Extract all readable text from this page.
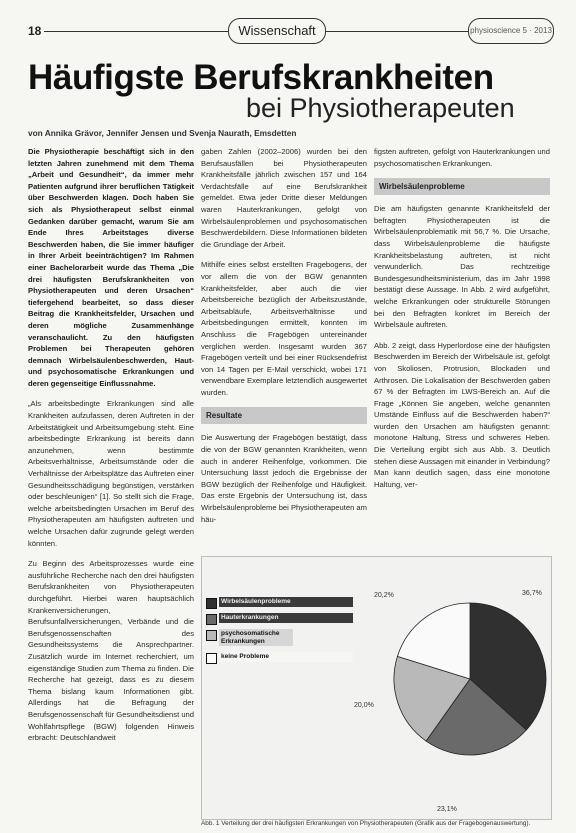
18	Wissenschaft	physioscience 5 · 2013
Häufigste Berufskrankheiten
bei Physiotherapeuten
von Annika Grävor, Jennifer Jensen und Svenja Naurath, Emsdetten

Die Physiotherapie beschäftigt sich in den letzten Jahren zunehmend mit dem Thema „Arbeit und Gesundheit“, da immer mehr Patienten aufgrund ihrer beruflichen Tätigkeit über Beschwerden klagen. Doch haben Sie sich als Physiotherapeut selbst einmal Gedanken darüber gemacht, warum Sie am Ende Ihres Arbeitstages diverse Beschwerden haben, die Sie immer häufiger in Ihrer Arbeit beeinträchtigen? Im Rahmen einer Bachelorarbeit wurde das Thema „Die drei häufigsten Berufskrankheiten von Physiotherapeuten und deren Ursachen“ tiefergehend bearbeitet, so dass dieser Beitrag die Krankheitsfelder, Ursachen und deren mögliche Zusammenhänge veranschaulicht. Zu den häufigsten Problemen bei Therapeuten gehören demnach Wirbelsäulenbeschwerden, Haut- und psychosomatische Erkrankungen und deren gegenseitige Einflussnahme.

„Als arbeitsbedingte Erkrankungen sind alle Krankheiten aufzufassen, deren Auftreten in der Arbeitstätigkeit und Arbeitsumgebung steht. Eine arbeitsbedingte Erkrankung ist bereits dann anzunehmen, wenn bestimmte Arbeitsverhältnisse, Arbeitsumstände oder die Verhältnisse der Arbeitsplätze das Auftreten einer Gesundheitsschädigung begünstigen, verstärken oder beschleunigen“ [1]. So stellt sich die Frage, welche arbeitsbedingten Ursachen im Beruf des Physiotherapeuten am häufigsten auftreten und welche Ursachen dafür zugrunde gelegt werden könnten.

Zu Beginn des Arbeitsprozesses wurde eine ausführliche Recherche nach den drei häufigsten Berufskrankheiten von Physiotherapeuten durchgeführt. Hierbei waren hauptsächlich Krankenversicherungen, Berufsunfallversicherungen, Verbände und die Berufsgenossenschaften des Gesundheitssystems die Ansprechpartner. Zusätzlich wurde im Internet recherchiert, um eigenständige Studien zum Thema zu finden. Die Recherche hat gezeigt, dass es zu diesem Thema bislang kaum Informationen gibt. Allerdings hat die Befragung der Berufsgenossenschaft für Gesundheitsdienst und Wohlfahrtspflege (BGW) folgenden Hinweis erbracht: Deutschlandweit

gaben Zahlen (2002–2006) wurden bei den Berufsausfällen bei Physiotherapeuten Krankheitsfälle jährlich zwischen 157 und 164 Verdachtsfälle auf eine Berufskrankheit gemeldet. Etwa jeder Dritte dieser Meldungen waren Hauterkrankungen, gefolgt von Wirbelsäulenproblemen und psychosomatischen Beschwerdebildern. Diese Informationen bildeten die Grundlage der Arbeit.

Mithilfe eines selbst erstellten Fragebogens, der vor allem die von der BGW genannten Krankheitsfelder, aber auch die vier Arbeitsbereiche bezüglich der Arbeitszustände, Arbeitsabläufe, Arbeitsverhältnisse und Arbeitsbedingungen ermittelt, konnten im Anschluss die Fragebögen untereinander verglichen werden. Insgesamt wurden 367 Fragebögen verteilt und bei einer Rücksendefrist von 14 Tagen per E-Mail verschickt, wobei 171 verwendbare Exemplare letztendlich ausgewertet wurden.

Resultate

Die Auswertung der Fragebögen bestätigt, dass die von der BGW genannten Krankheiten, wenn auch in anderer Reihenfolge, vorkommen. Die Untersuchung lässt jedoch die Ergebnisse der BGW bezüglich der Reihenfolge und Häufigkeit. Das erste Ergebnis der Untersuchung ist, dass Wirbelsäulenprobleme bei Physiotherapeuten am häu-

figsten auftreten, gefolgt von Hauterkrankungen und psychosomatischen Erkrankungen.

Wirbelsäulenprobleme

Die am häufigsten genannte Krankheitsfeld der befragten Physiotherapeuten ist die Wirbelsäulenproblematik mit 56,7 %. Die Ursache, dass Wirbelsäulenprobleme die häufigste Krankheitsbelastung auftreten, ist nicht verwunderlich. Das rechtzeitige Bundesgesundheitsministerium, das im Jahr 1998 bestätigt diese Aussage. In Abb. 2 wird aufgeführt, welche Erkrankungen oder strukturelle Störungen bei den Befragten konkret im Bereich der Wirbelsäule auftreten.

Abb. 2 zeigt, dass Hyperlordose eine der häufigsten Beschwerden im Bereich der Wirbelsäule ist, gefolgt von Skoliosen, Protrusion, Blockaden und Arthrosen. Die Lokalisation der Beschwerden gaben 67 % der Befragten im LWS-Bereich an. Auf die Frage „Können Sie angeben, welche genannten Umstände Einfluss auf die Beschwerden haben?“ wurden den Ursachen am häufigsten genannt: monotone Haltung, Stress und schweres Heben. Die Verteilung ergibt sich aus Abb. 3. Deutlich stehen diese Aussagen mit einander in Verbindung? Man kann deutlich sagen, dass eine monotone Haltung, ver-

36,7%
23,1%
20,0%
20,2%
Wirbelsäulenprobleme
Hauterkrankungen
psychosomatische Erkrankungen
keine Probleme
Abb. 1 Verteilung der drei häufigsten Erkrankungen von Physiotherapeuten (Grafik aus der Fragebogenauswertung).
